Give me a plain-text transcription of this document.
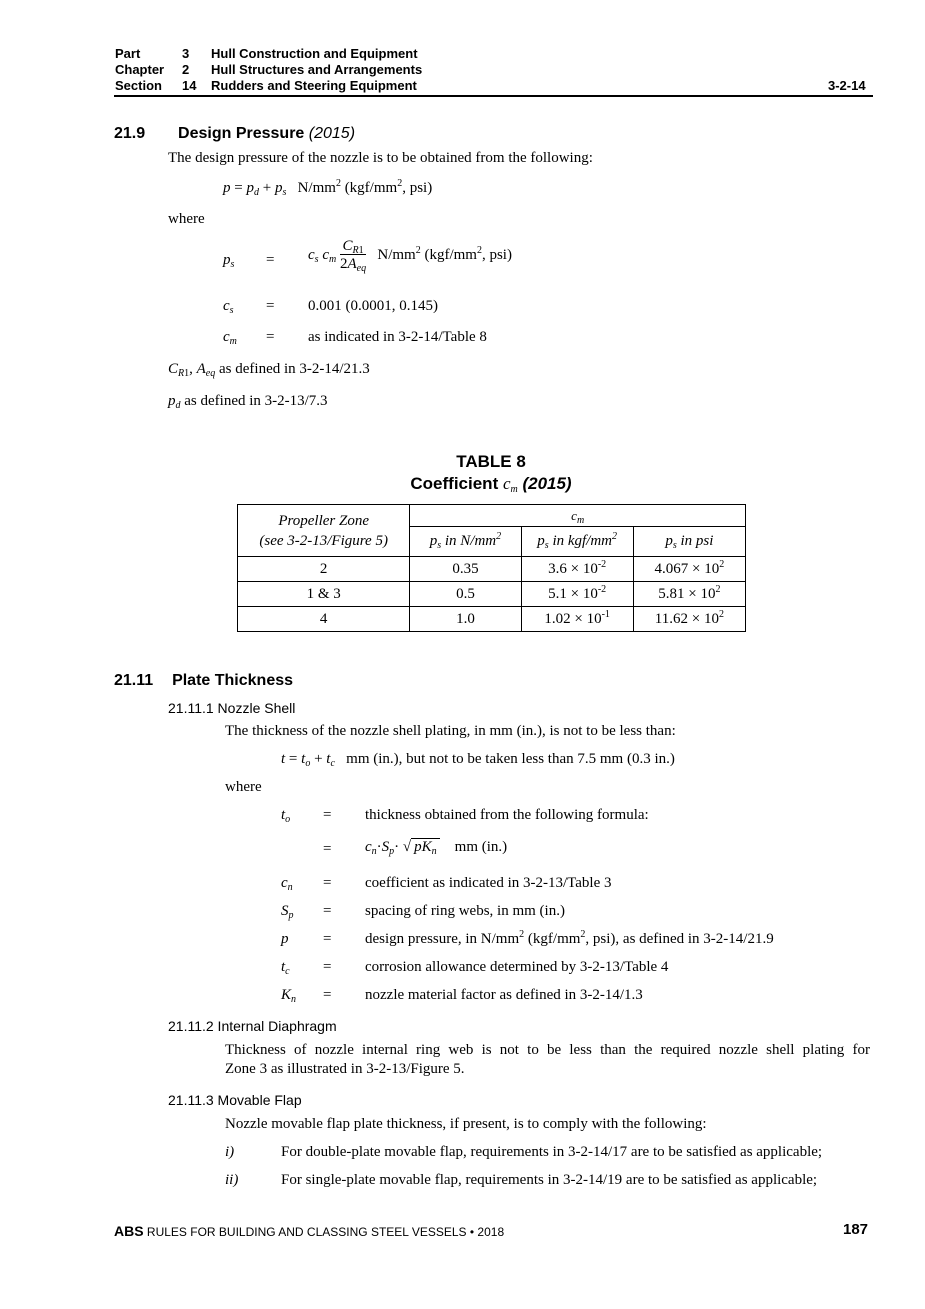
Part	3 Hull Construction and Equipment
Chapter 2 Hull Structures and Arrangements
Section 14 Rudders and Steering Equipment	3-2-14
21.9 Design Pressure (2015)
The design pressure of the nozzle is to be obtained from the following:
$p = p_d + p_s$ $N/mm^2$ ($kgf/mm^2$, psi)
where
$p_s = c_s$ $c_m \frac{C_{R1}}{2A_{eq}} N/mm^2$ ($kgf/mm^2$, psi)
$c_s = 0.001$ (0.0001, 0.145)
$c_m$ = as indicated in 3-2-14/Table 8
$C_{R1}$, $A_{eq}$ as defined in 3-2-14/21.3
$p_d$ as defined in 3-2-13/7.3
TABLE 8
Coefficient $c_m$ (2015)
Propeller Zone
(see 3-2-13/Figure 5)	$c_m$
	$p_s$ in $N/mm^2$	$p_s$ in kgf/$mm^2$	$p_s$ in psi
2	0.35	$3.6 \times 10^{-2}$	$4.067 \times 10^2$
1 & 3	0.5	$5.1 \times 10^{-2}$	$5.81 \times 10^2$
4	1.0	$1.02 \times 10^{-1}$	$11.62 \times 10^2$
21.11 Plate Thickness
21.11.1 Nozzle Shell
The thickness of the nozzle shell plating, in mm (in.), is not to be less than:
$t = t_o + t_c$ mm (in.), but not to be taken less than 7.5 mm (0.3 in.)
where
$t_o$ = thickness obtained from the following formula:
= $c_n\cdot S_p\cdot$ √ $pK_n$ mm (in.)
$c_n$ = coefficient as indicated in 3-2-13/Table 3
$S_p$ = spacing of ring webs, in mm (in.)
p = design pressure, in $N/mm^2$ ($kgf/mm^2$, psi), as defined in 3-2-14/21.9
$t_c$ = corrosion allowance determined by 3-2-13/Table 4
$K_n$ = nozzle material factor as defined in 3-2-14/1.3
21.11.2 Internal Diaphragm
Thickness of nozzle internal ring web is not to be less than the required nozzle shell plating for
Zone 3 as illustrated in 3-2-13/Figure 5.
21.11.3 Movable Flap
Nozzle movable flap plate thickness, if present, is to comply with the following:
i)	For double-plate movable flap, requirements in 3-2-14/17 are to be satisfied as applicable;
ii)	For single-plate movable flap, requirements in 3-2-14/19 are to be satisfied as applicable;
ABS RULES FOR BUILDING AND CLASSING STEEL VESSELS • 2018	187
